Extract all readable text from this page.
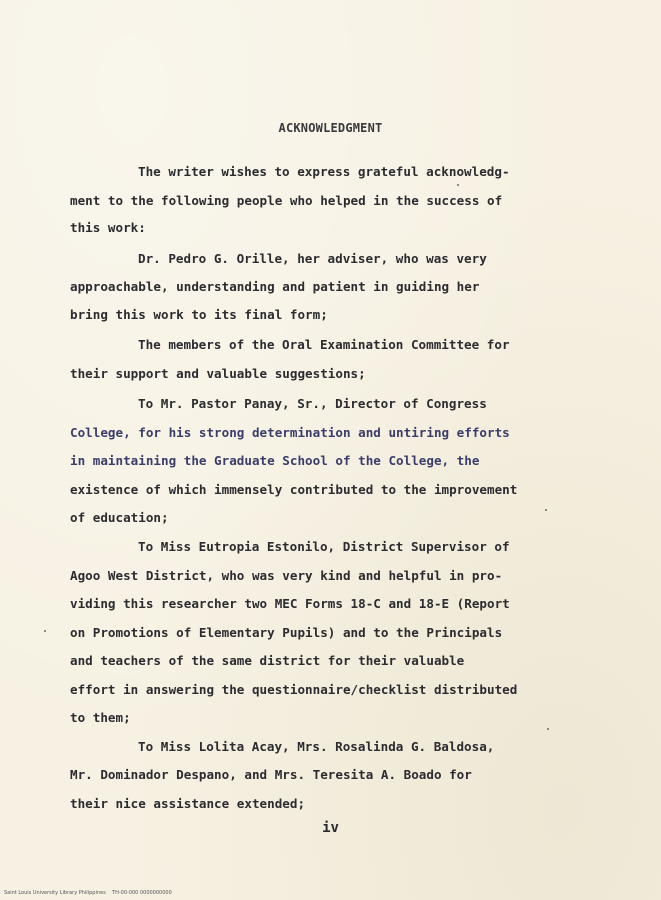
ACKNOWLEDGMENT
The writer wishes to express grateful acknowledg-
ment to the following people who helped in the success of
this work:
Dr. Pedro G. Orille, her adviser, who was very
approachable, understanding and patient in guiding her
bring this work to its final form;
The members of the Oral Examination Committee for
their support and valuable suggestions;
To Mr. Pastor Panay, Sr., Director of Congress
College, for his strong determination and untiring efforts
in maintaining the Graduate School of the College, the
existence of which immensely contributed to the improvement
of education;
To Miss Eutropia Estonilo, District Supervisor of
Agoo West District, who was very kind and helpful in pro-
viding this researcher two MEC Forms 18-C and 18-E (Report
on Promotions of Elementary Pupils) and to the Principals
and teachers of the same district for their valuable
effort in answering the questionnaire/checklist distributed
to them;
To Miss Lolita Acay, Mrs. Rosalinda G. Baldosa,
Mr. Dominador Despano, and Mrs. Teresita A. Boado for
their nice assistance extended;
iv
Saint Louis University Library Philippines    TH-00-000 0000000000
